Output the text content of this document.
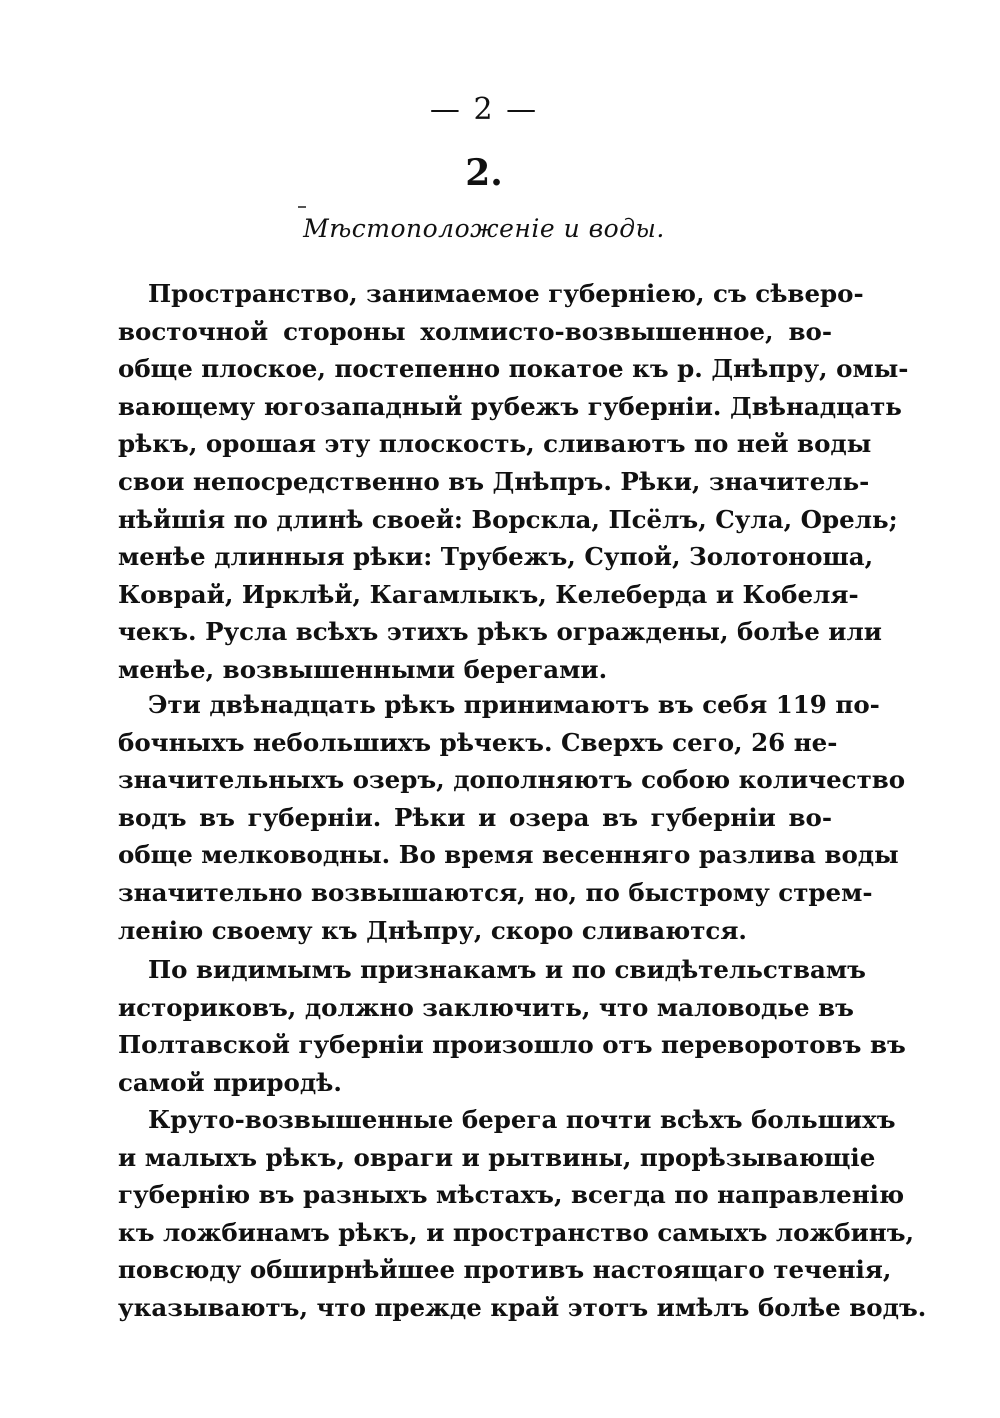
— 2 —
2.
Мѣстоположеніе и воды.
Пространство, занимаемое губерніею, съ сѣверо-
восточной стороны холмисто-возвышенное, во-
обще плоское, постепенно покатое къ р. Днѣпру, омы-
вающему югозападный рубежъ губерніи. Двѣнадцать
рѣкъ, орошая эту плоскость, сливаютъ по ней воды
свои непосредственно въ Днѣпръ. Рѣки, значитель-
нѣйшія по длинѣ своей: Ворскла, Псёлъ, Сула, Орель;
менѣе длинныя рѣки: Трубежъ, Супой, Золотоноша,
Коврай, Ирклѣй, Кагамлыкъ, Келеберда и Кобеля-
чекъ. Русла всѣхъ этихъ рѣкъ ограждены, болѣе или
менѣе, возвышенными берегами.
Эти двѣнадцать рѣкъ принимаютъ въ себя 119 по-
бочныхъ небольшихъ рѣчекъ. Сверхъ сего, 26 не-
значительныхъ озеръ, дополняютъ собою количество
водъ въ губерніи. Рѣки и озера въ губерніи во-
обще мелководны. Во время весенняго разлива воды
значительно возвышаются, но, по быстрому стрем-
ленію своему къ Днѣпру, скоро сливаются.
По видимымъ признакамъ и по свидѣтельствамъ
историковъ, должно заключить, что маловодье въ
Полтавской губерніи произошло отъ переворотовъ въ
самой природѣ.
Круто-возвышенные берега почти всѣхъ большихъ
и малыхъ рѣкъ, овраги и рытвины, прорѣзывающіе
губернію въ разныхъ мѣстахъ, всегда по направленію
къ ложбинамъ рѣкъ, и пространство самыхъ ложбинъ,
повсюду обширнѣйшее противъ настоящаго теченія,
указываютъ, что прежде край этотъ имѣлъ болѣе водъ.
